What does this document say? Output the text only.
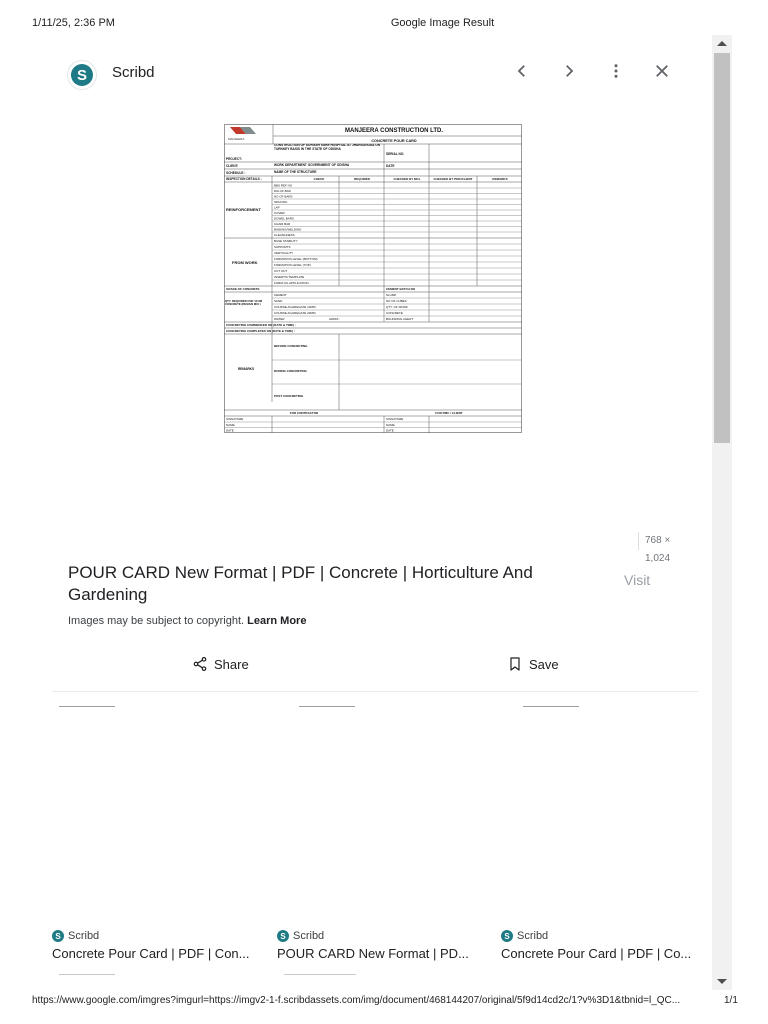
1/11/25, 2:36 PM	Google Image Result
S	Scribd
MANJEERA
MANJEERA CONSTRUCTION LTD.
CONCRETE POUR CARD
PROJECT:
CONSTRUCTION OF DURGAH SURE HOSPITAL AT JHARSUGUDA ON TURNKEY BASIS IN THE STATE OF ODISHA
SERIAL NO.
CLIENT:	WORK DEPARTMENT GOVERNMENT OF ODISHA	DATE
SCHEDULE :	NAME OF THE STRUCTURE
INSPECTION DETAILS :	CHECK	REQUIRED	CHECKED BY MCL	CHECKED BY PMC/CLIENT	REMARKS
REINFORCEMENT
BBS REF NO
DIA OF BAR
NO OF BARS
SPACING
LAP
COVER
DOWEL BARS
CHAIR BAR
BINDING/WELDING
CLEANLINESS
FROM WORK
BASE STABILITY
SUPPORTS
VERTICALITY
FORMATION LEVEL (BOTTOM)
FORMATION LEVEL (TOP)
CUT OUT
INSERTS/ TEMPLATE
FORM OIL APPLICATION
GRADE OF CONCRETE	CEMENT BATCH NO
QTY. REQUIRED FOR 1CUM CONCRETE (DESIGN MIX )
CEMENT	SLUMP
SAND	NO OF CUBES
COURSE AGGREGATE 10MM	QTY. OF WORK
COURSE AGGREGATE 20MM	CONCRETE
WATER	ADMIX :	BOUNDING AGENT
CONCRETING COMMENCED ON (DATE & TIME) :
CONCRETING COMPLETED ON (DATE & TIME) :
REMARKS
BEFORE CONCRETING
DURING CONCRETING
POST CONCRETING
FOR CONTRACTOR	FOR PMC / CLIENT
SIGNATURE	SIGNATURE
NAME	NAME
DATE	DATE
768 × 1,024
POUR CARD New Format | PDF | Concrete | Horticulture And Gardening
Visit
Images may be subject to copyright. Learn More
Share	Save
S Scribd
Concrete Pour Card | PDF | Con...
S Scribd
POUR CARD New Format | PD...
S Scribd
Concrete Pour Card | PDF | Co...
https://www.google.com/imgres?imgurl=https://imgv2-1-f.scribdassets.com/img/document/468144207/original/5f9d14cd2c/1?v%3D1&tbnid=l_QC...	1/1
